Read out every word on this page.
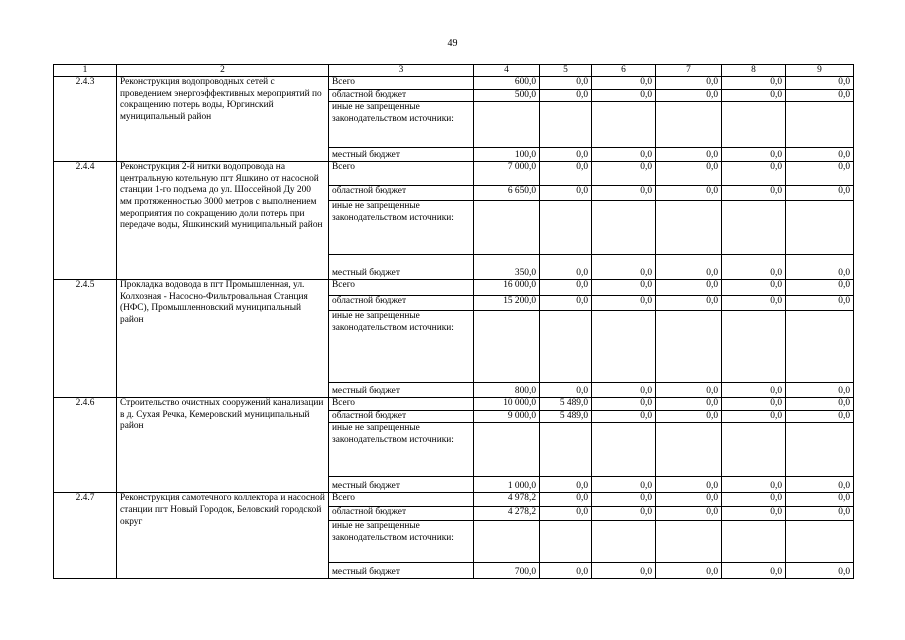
49
1	2	3	4	5	6	7	8	9
2.4.3	Реконструкция водопроводных сетей с проведением энергоэффективных мероприятий по сокращению потерь воды, Юргинский муниципальный район	Всего	600,0	0,0	0,0	0,0	0,0	0,0
		областной бюджет	500,0	0,0	0,0	0,0	0,0	0,0
		иные не запрещенные законодательством источники:						
		местный бюджет	100,0	0,0	0,0	0,0	0,0	0,0
2.4.4	Реконструкция 2-й нитки водопровода на центральную котельную пгт Яшкино от насосной станции 1-го подъема до ул. Шоссейной Ду 200 мм протяженностью 3000 метров с выполнением мероприятия по сокращению доли потерь при передаче воды, Яшкинский муниципальный район	Всего	7 000,0	0,0	0,0	0,0	0,0	0,0
		областной бюджет	6 650,0	0,0	0,0	0,0	0,0	0,0
		иные не запрещенные законодательством источники:						
		местный бюджет	350,0	0,0	0,0	0,0	0,0	0,0
2.4.5	Прокладка водовода в пгт Промышленная, ул. Колхозная - Насосно-Фильтровальная Станция (НФС), Промышленновский муниципальный район	Всего	16 000,0	0,0	0,0	0,0	0,0	0,0
		областной бюджет	15 200,0	0,0	0,0	0,0	0,0	0,0
		иные не запрещенные законодательством источники:						
		местный бюджет	800,0	0,0	0,0	0,0	0,0	0,0
2.4.6	Строительство очистных сооружений канализации в д. Сухая Речка, Кемеровский муниципальный район	Всего	10 000,0	5 489,0	0,0	0,0	0,0	0,0
		областной бюджет	9 000,0	5 489,0	0,0	0,0	0,0	0,0
		иные не запрещенные законодательством источники:						
		местный бюджет	1 000,0	0,0	0,0	0,0	0,0	0,0
2.4.7	Реконструкция самотечного коллектора и насосной станции пгт Новый Городок, Беловский городской округ	Всего	4 978,2	0,0	0,0	0,0	0,0	0,0
		областной бюджет	4 278,2	0,0	0,0	0,0	0,0	0,0
		иные не запрещенные законодательством источники:						
		местный бюджет	700,0	0,0	0,0	0,0	0,0	0,0
